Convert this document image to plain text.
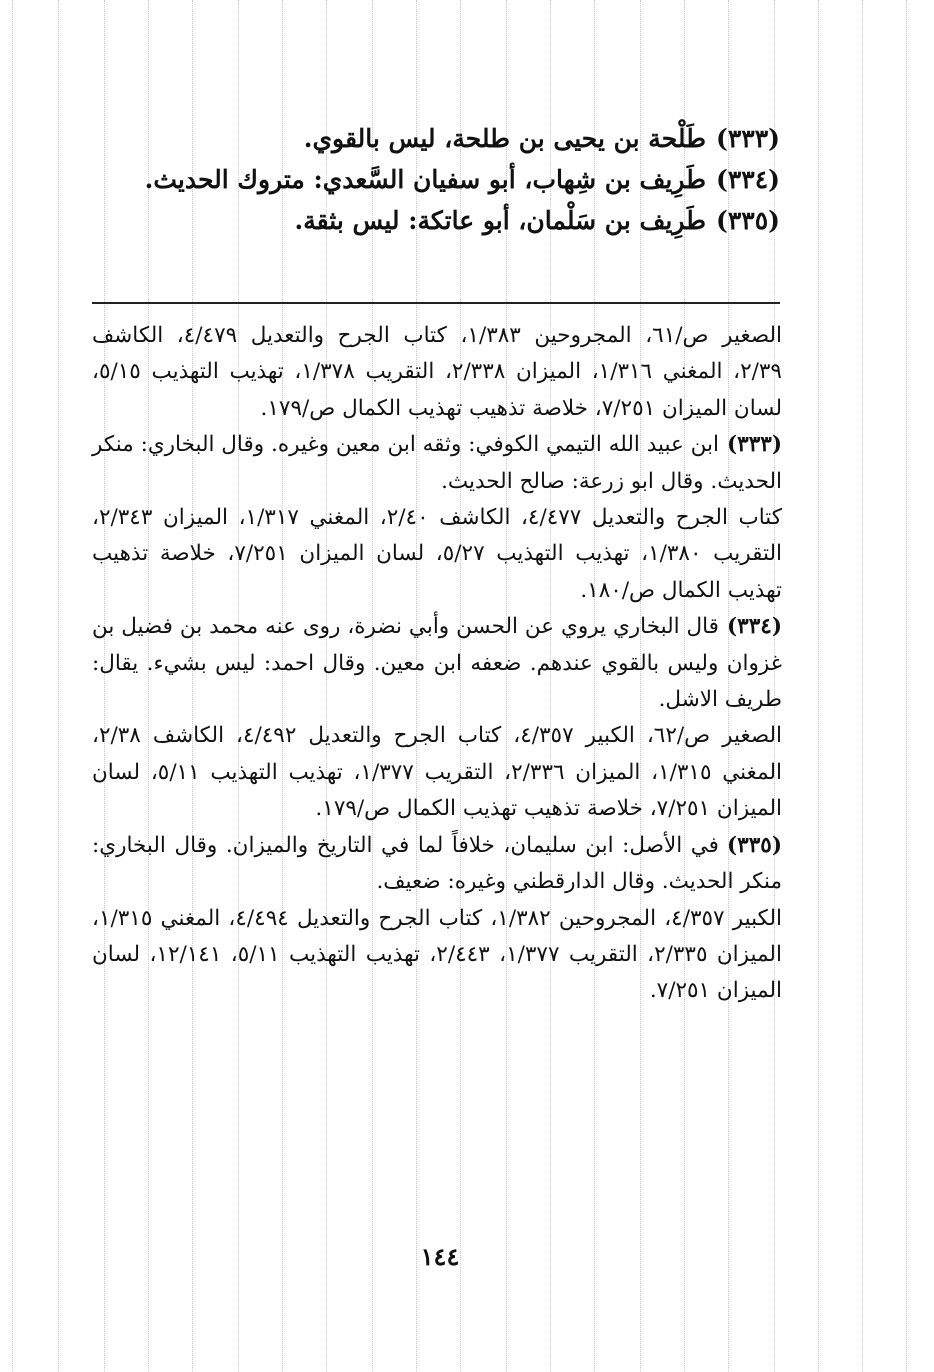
(٣٣٣)طَلْحة بن يحيى بن طلحة، ليس بالقوي.
(٣٣٤)طَرِيف بن شِهاب، أبو سفيان السَّعدي: متروك الحديث.
(٣٣٥)طَرِيف بن سَلْمان، أبو عاتكة: ليس بثقة.

الصغير ص/٦١، المجروحين ١/٣٨٣، كتاب الجرح والتعديل ٤/٤٧٩، الكاشف ٢/٣٩، المغني ١/٣١٦، الميزان ٢/٣٣٨، التقريب ١/٣٧٨، تهذيب التهذيب ٥/١٥، لسان الميزان ٧/٢٥١، خلاصة تذهيب تهذيب الكمال ص/١٧٩.

(٣٣٣)ابن عبيد الله التيمي الكوفي: وثقه ابن معين وغيره. وقال البخاري: منكر الحديث. وقال ابو زرعة: صالح الحديث.

كتاب الجرح والتعديل ٤/٤٧٧، الكاشف ٢/٤٠، المغني ١/٣١٧، الميزان ٢/٣٤٣، التقريب ١/٣٨٠، تهذيب التهذيب ٥/٢٧، لسان الميزان ٧/٢٥١، خلاصة تذهيب تهذيب الكمال ص/١٨٠.

(٣٣٤)قال البخاري يروي عن الحسن وأبي نضرة، روى عنه محمد بن فضيل بن غزوان وليس بالقوي عندهم. ضعفه ابن معين. وقال احمد: ليس بشيء. يقال: طريف الاشل.

الصغير ص/٦٢، الكبير ٤/٣٥٧، كتاب الجرح والتعديل ٤/٤٩٢، الكاشف ٢/٣٨، المغني ١/٣١٥، الميزان ٢/٣٣٦، التقريب ١/٣٧٧، تهذيب التهذيب ٥/١١، لسان الميزان ٧/٢٥١، خلاصة تذهيب تهذيب الكمال ص/١٧٩.

(٣٣٥)في الأصل: ابن سليمان، خلافاً لما في التاريخ والميزان. وقال البخاري: منكر الحديث. وقال الدارقطني وغيره: ضعيف.

الكبير ٤/٣٥٧، المجروحين ١/٣٨٢، كتاب الجرح والتعديل ٤/٤٩٤، المغني ١/٣١٥، الميزان ٢/٣٣٥، التقريب ١/٣٧٧، ٢/٤٤٣، تهذيب التهذيب ٥/١١، ١٢/١٤١، لسان الميزان ٧/٢٥١.

١٤٤
